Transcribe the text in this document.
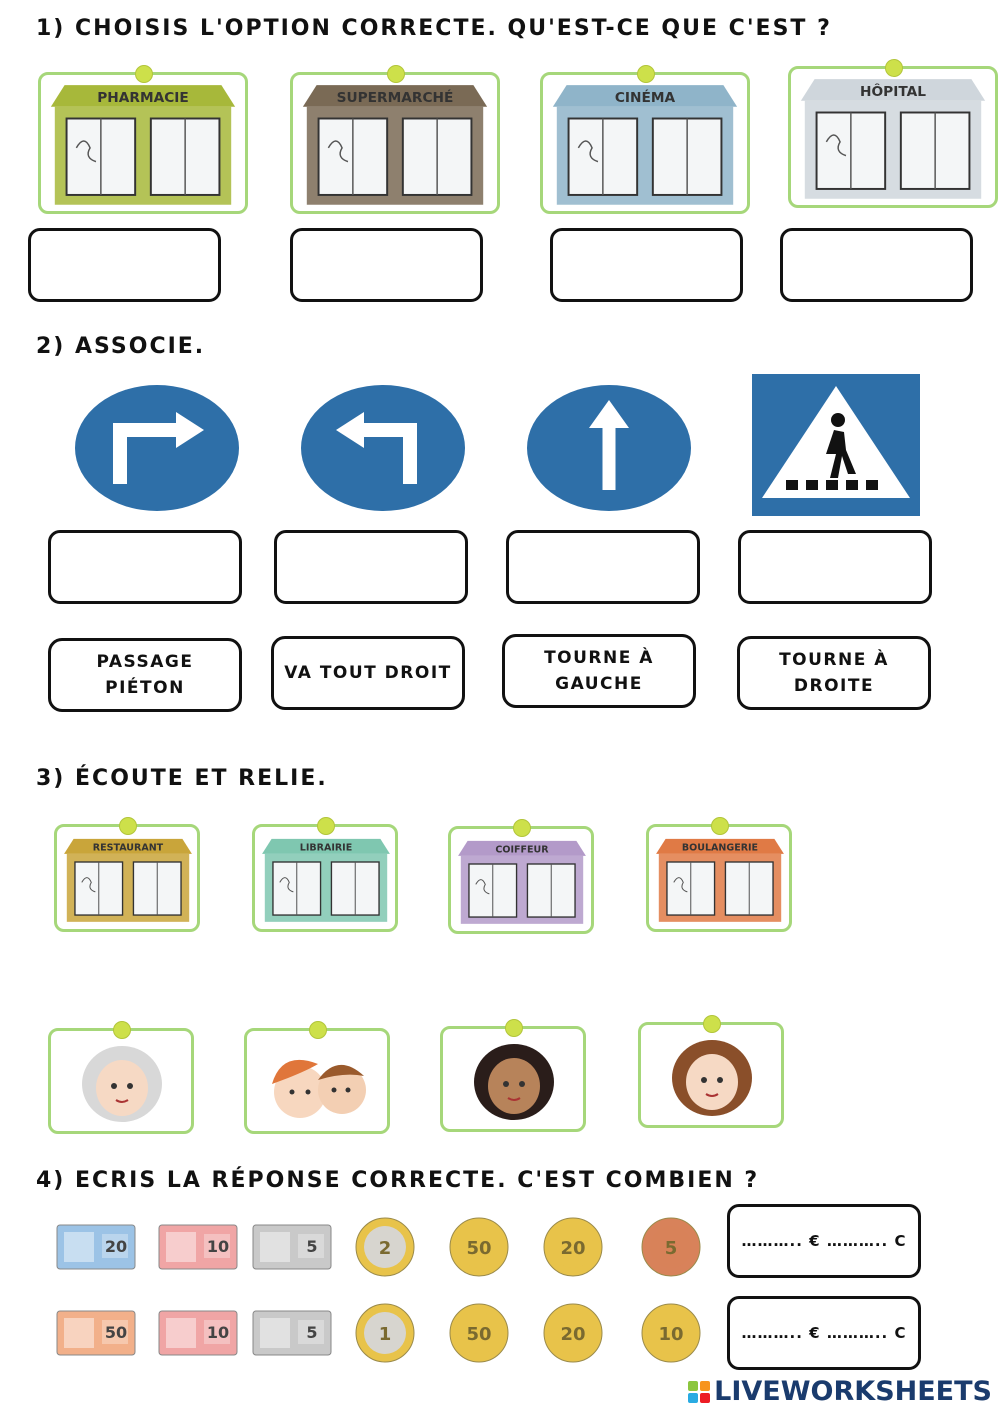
1) CHOISIS L'OPTION CORRECTE. QU'EST-CE QUE C'EST ?
PHARMACIE	SUPERMARCHÉ	CINÉMA	HÔPITAL
2) ASSOCIE.
PASSAGE
PIÉTON
VA TOUT DROIT
TOURNE À
GAUCHE
TOURNE À
DROITE
3) ÉCOUTE ET RELIE.
RESTAURANT	LIBRAIRIE	COIFFEUR	BOULANGERIE
4) ECRIS LA RÉPONSE CORRECTE. C'EST COMBIEN ?
20	10	5	2	50	20	5
50	10	5	1	50	20	10
……….. € ……….. C
……….. € ……….. C
LIVEWORKSHEETS
